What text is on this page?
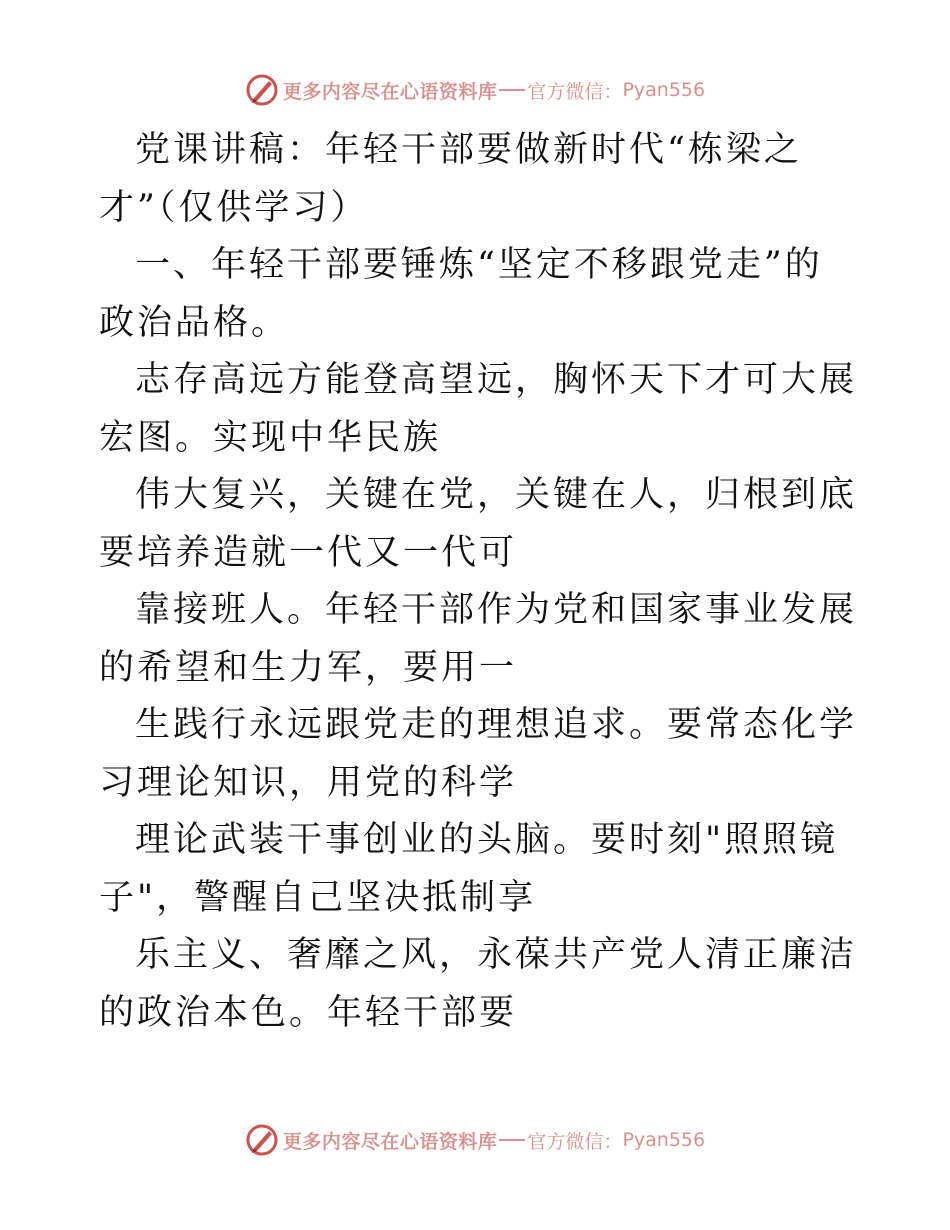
更多内容尽在心语资料库 官方微信： Pyan556

党课讲稿：年轻干部要做新时代“栋梁之
才”（仅供学习）

一、年轻干部要锤炼“坚定不移跟党走”的政治品格。

志存高远方能登高望远，胸怀天下才可大展宏图。实现中华民族

伟大复兴，关键在党，关键在人，归根到底要培养造就一代又一代可

靠接班人。年轻干部作为党和国家事业发展的希望和生力军，要用一

生践行永远跟党走的理想追求。要常态化学习理论知识，用党的科学

理论武装干事创业的头脑。要时刻"照照镜子"，警醒自己坚决抵制享

乐主义、奢靡之风，永葆共产党人清正廉洁的政治本色。年轻干部要

更多内容尽在心语资料库 官方微信： Pyan556
